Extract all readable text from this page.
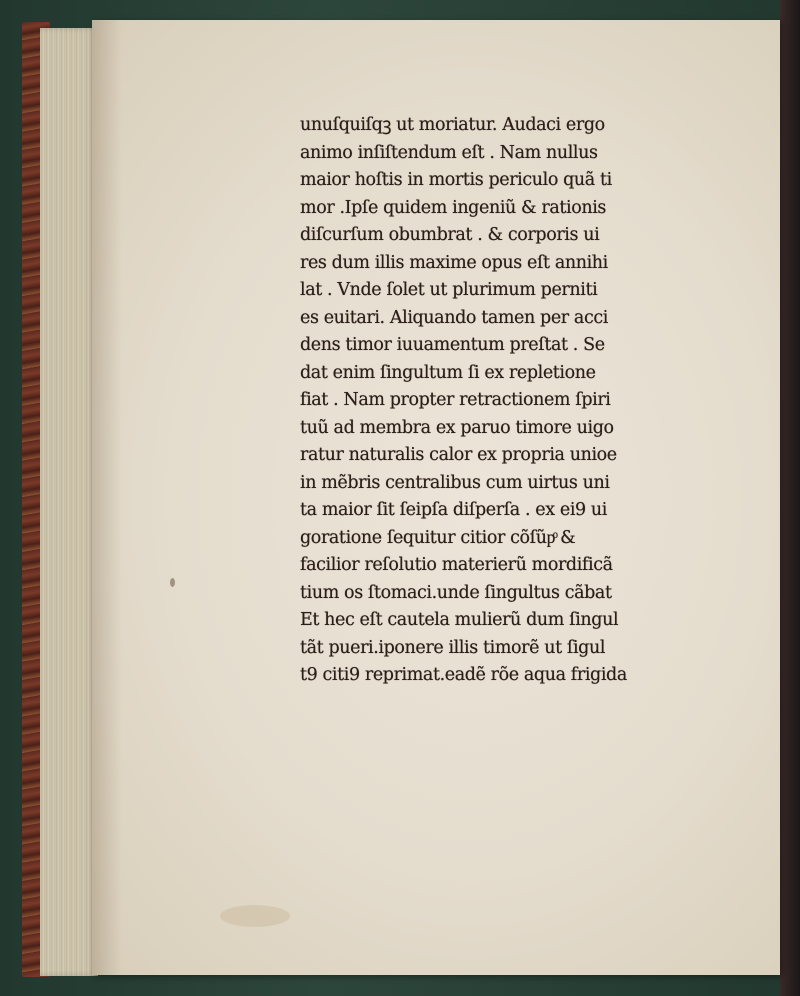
unuſquiſqꝫ ut moriatur. Audaci ergo
animo inſiſtendum eſt . Nam nullus
maior hoſtis in mortis periculo quã ti
mor .Ipſe quidem ingeniũ & rationis
diſcurſum obumbrat . & corporis ui
res dum illis maxime opus eſt annihi
lat . Vnde ſolet ut plurimum perniti
es euitari. Aliquando tamen per acci
dens timor iuuamentum preſtat . Se
dat enim ſingultum ſi ex repletione
fiat . Nam propter retractionem ſpiri
tuũ ad membra ex paruo timore uigo
ratur naturalis calor ex propria unioe
in mẽbris centralibus cum uirtus uni
ta maior ſit ſeipſa diſperſa . ex ei9 ui
goratione ſequitur citior cõſũpͦ &
facilior reſolutio materierũ mordificã
tium os ſtomaci.unde ſingultus cãbat
Et hec eſt cautela mulierũ dum ſingul
tãt pueri.iponere illis timorẽ ut ſigul
t9 citi9 reprimat.eadẽ rõe aqua frigida
